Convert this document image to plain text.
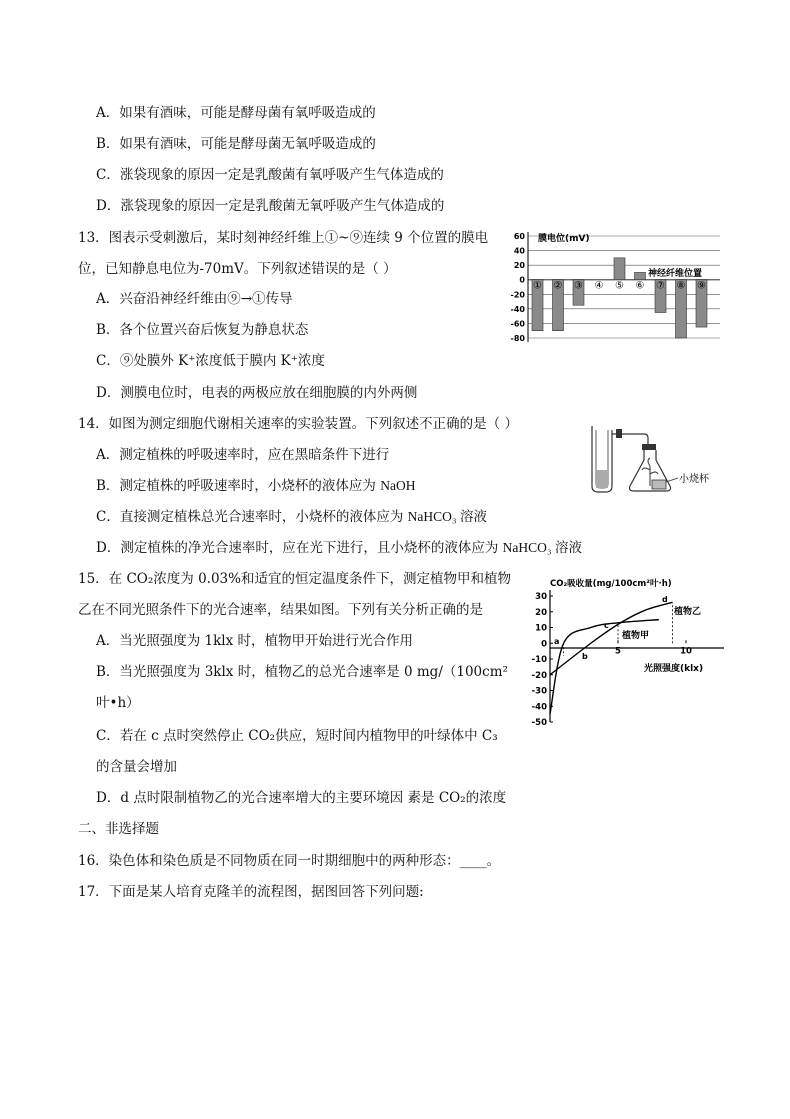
A．如果有酒味，可能是酵母菌有氧呼吸造成的
B．如果有酒味，可能是酵母菌无氧呼吸造成的
C．涨袋现象的原因一定是乳酸菌有氧呼吸产生气体造成的
D．涨袋现象的原因一定是乳酸菌无氧呼吸产生气体造成的
13．图表示受刺激后，某时刻神经纤维上①~⑨连续 9 个位置的膜电
位，已知静息电位为-70mV。下列叙述错误的是（ ）
A．兴奋沿神经纤维由⑨→①传导
B．各个位置兴奋后恢复为静息状态
C．⑨处膜外 K⁺浓度低于膜内 K⁺浓度
D．测膜电位时，电表的两极应放在细胞膜的内外两侧
60
40
20
0
-20
-40
-60
-80
① ② ③ ④ ⑤ ⑥ ⑦ ⑧ ⑨
膜电位(mV)
神经纤维位置
14．如图为测定细胞代谢相关速率的实验装置。下列叙述不正确的是（ ）
A．测定植株的呼吸速率时，应在黑暗条件下进行
B．测定植株的呼吸速率时，小烧杯的液体应为 NaOH
C．直接测定植株总光合速率时，小烧杯的液体应为 NaHCO₃ 溶液
D．测定植株的净光合速率时，应在光下进行，且小烧杯的液体应为 NaHCO₃ 溶液
小烧杯
15．在 CO₂浓度为 0.03%和适宜的恒定温度条件下，测定植物甲和植物
乙在不同光照条件下的光合速率，结果如图。下列有关分析正确的是
A．当光照强度为 1klx 时，植物甲开始进行光合作用
B．当光照强度为 3klx 时，植物乙的总光合速率是 0 mg/（100cm²
叶•h）
C．若在 c 点时突然停止 CO₂供应，短时间内植物甲的叶绿体中 C₃
的含量会增加
D．d 点时限制植物乙的光合速率增大的主要环境因 素是 CO₂的浓度
30
20
10
0
-10
-20
-30
-40
-50
5	10
CO₂吸收量(mg/100cm²叶·h)
光照强度(klx)
植物甲
植物乙
a
b
c
d
二、非选择题
16．染色体和染色质是不同物质在同一时期细胞中的两种形态：____。
17．下面是某人培育克隆羊的流程图，据图回答下列问题:
